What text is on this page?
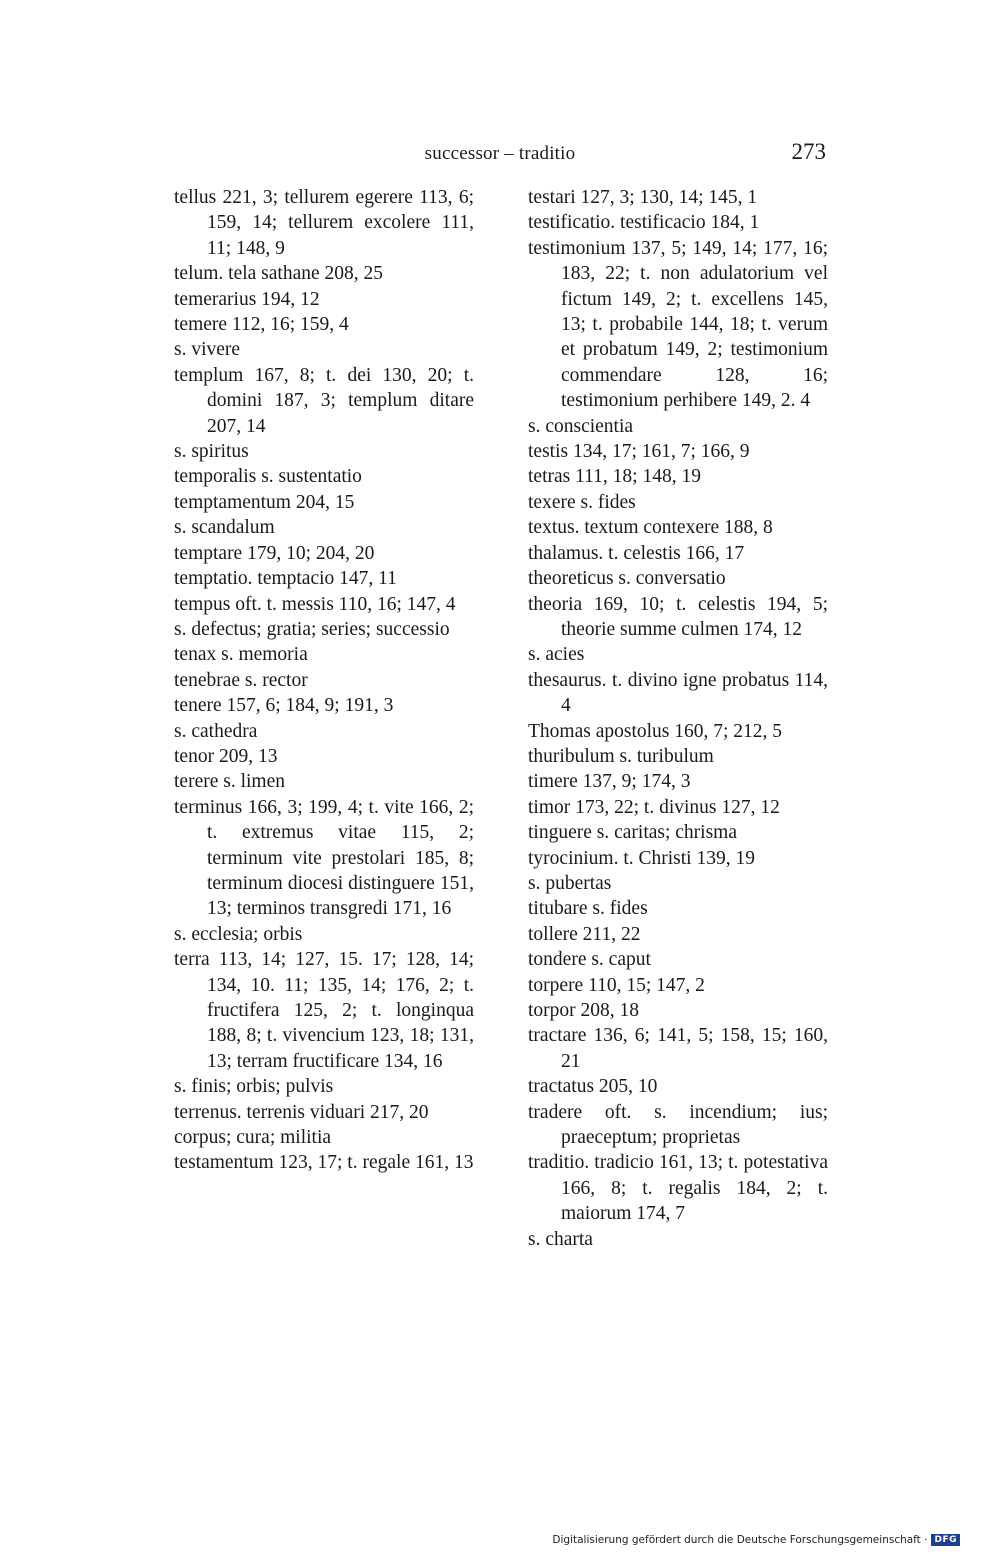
successor – traditio	273
tellus 221, 3; tellurem egerere 113, 6; 159, 14; tellurem excolere 111, 11; 148, 9
telum. tela sathane 208, 25
temerarius 194, 12
temere 112, 16; 159, 4
s. vivere
templum 167, 8; t. dei 130, 20; t. domini 187, 3; templum ditare 207, 14
s. spiritus
temporalis s. sustentatio
temptamentum 204, 15
s. scandalum
temptare 179, 10; 204, 20
temptatio. temptacio 147, 11
tempus oft. t. messis 110, 16; 147, 4
s. defectus; gratia; series; successio
tenax s. memoria
tenebrae s. rector
tenere 157, 6; 184, 9; 191, 3
s. cathedra
tenor 209, 13
terere s. limen
terminus 166, 3; 199, 4; t. vite 166, 2; t. extremus vitae 115, 2; terminum vite prestolari 185, 8; terminum diocesi distinguere 151, 13; terminos transgredi 171, 16
s. ecclesia; orbis
terra 113, 14; 127, 15. 17; 128, 14; 134, 10. 11; 135, 14; 176, 2; t. fructifera 125, 2; t. longinqua 188, 8; t. vivencium 123, 18; 131, 13; terram fructificare 134, 16
s. finis; orbis; pulvis
terrenus. terrenis viduari 217, 20
corpus; cura; militia
testamentum 123, 17; t. regale 161, 13
testari 127, 3; 130, 14; 145, 1
testificatio. testificacio 184, 1
testimonium 137, 5; 149, 14; 177, 16; 183, 22; t. non adulatorium vel fictum 149, 2; t. excellens 145, 13; t. probabile 144, 18; t. verum et probatum 149, 2; testimonium commendare 128, 16; testimonium perhibere 149, 2. 4
s. conscientia
testis 134, 17; 161, 7; 166, 9
tetras 111, 18; 148, 19
texere s. fides
textus. textum contexere 188, 8
thalamus. t. celestis 166, 17
theoreticus s. conversatio
theoria 169, 10; t. celestis 194, 5; theorie summe culmen 174, 12
s. acies
thesaurus. t. divino igne probatus 114, 4
Thomas apostolus 160, 7; 212, 5
thuribulum s. turibulum
timere 137, 9; 174, 3
timor 173, 22; t. divinus 127, 12
tinguere s. caritas; chrisma
tyrocinium. t. Christi 139, 19
s. pubertas
titubare s. fides
tollere 211, 22
tondere s. caput
torpere 110, 15; 147, 2
torpor 208, 18
tractare 136, 6; 141, 5; 158, 15; 160, 21
tractatus 205, 10
tradere oft. s. incendium; ius; praeceptum; proprietas
traditio. tradicio 161, 13; t. potestativa 166, 8; t. regalis 184, 2; t. maiorum 174, 7
s. charta
Digitalisierung gefördert durch die Deutsche Forschungsgemeinschaft · DFG
